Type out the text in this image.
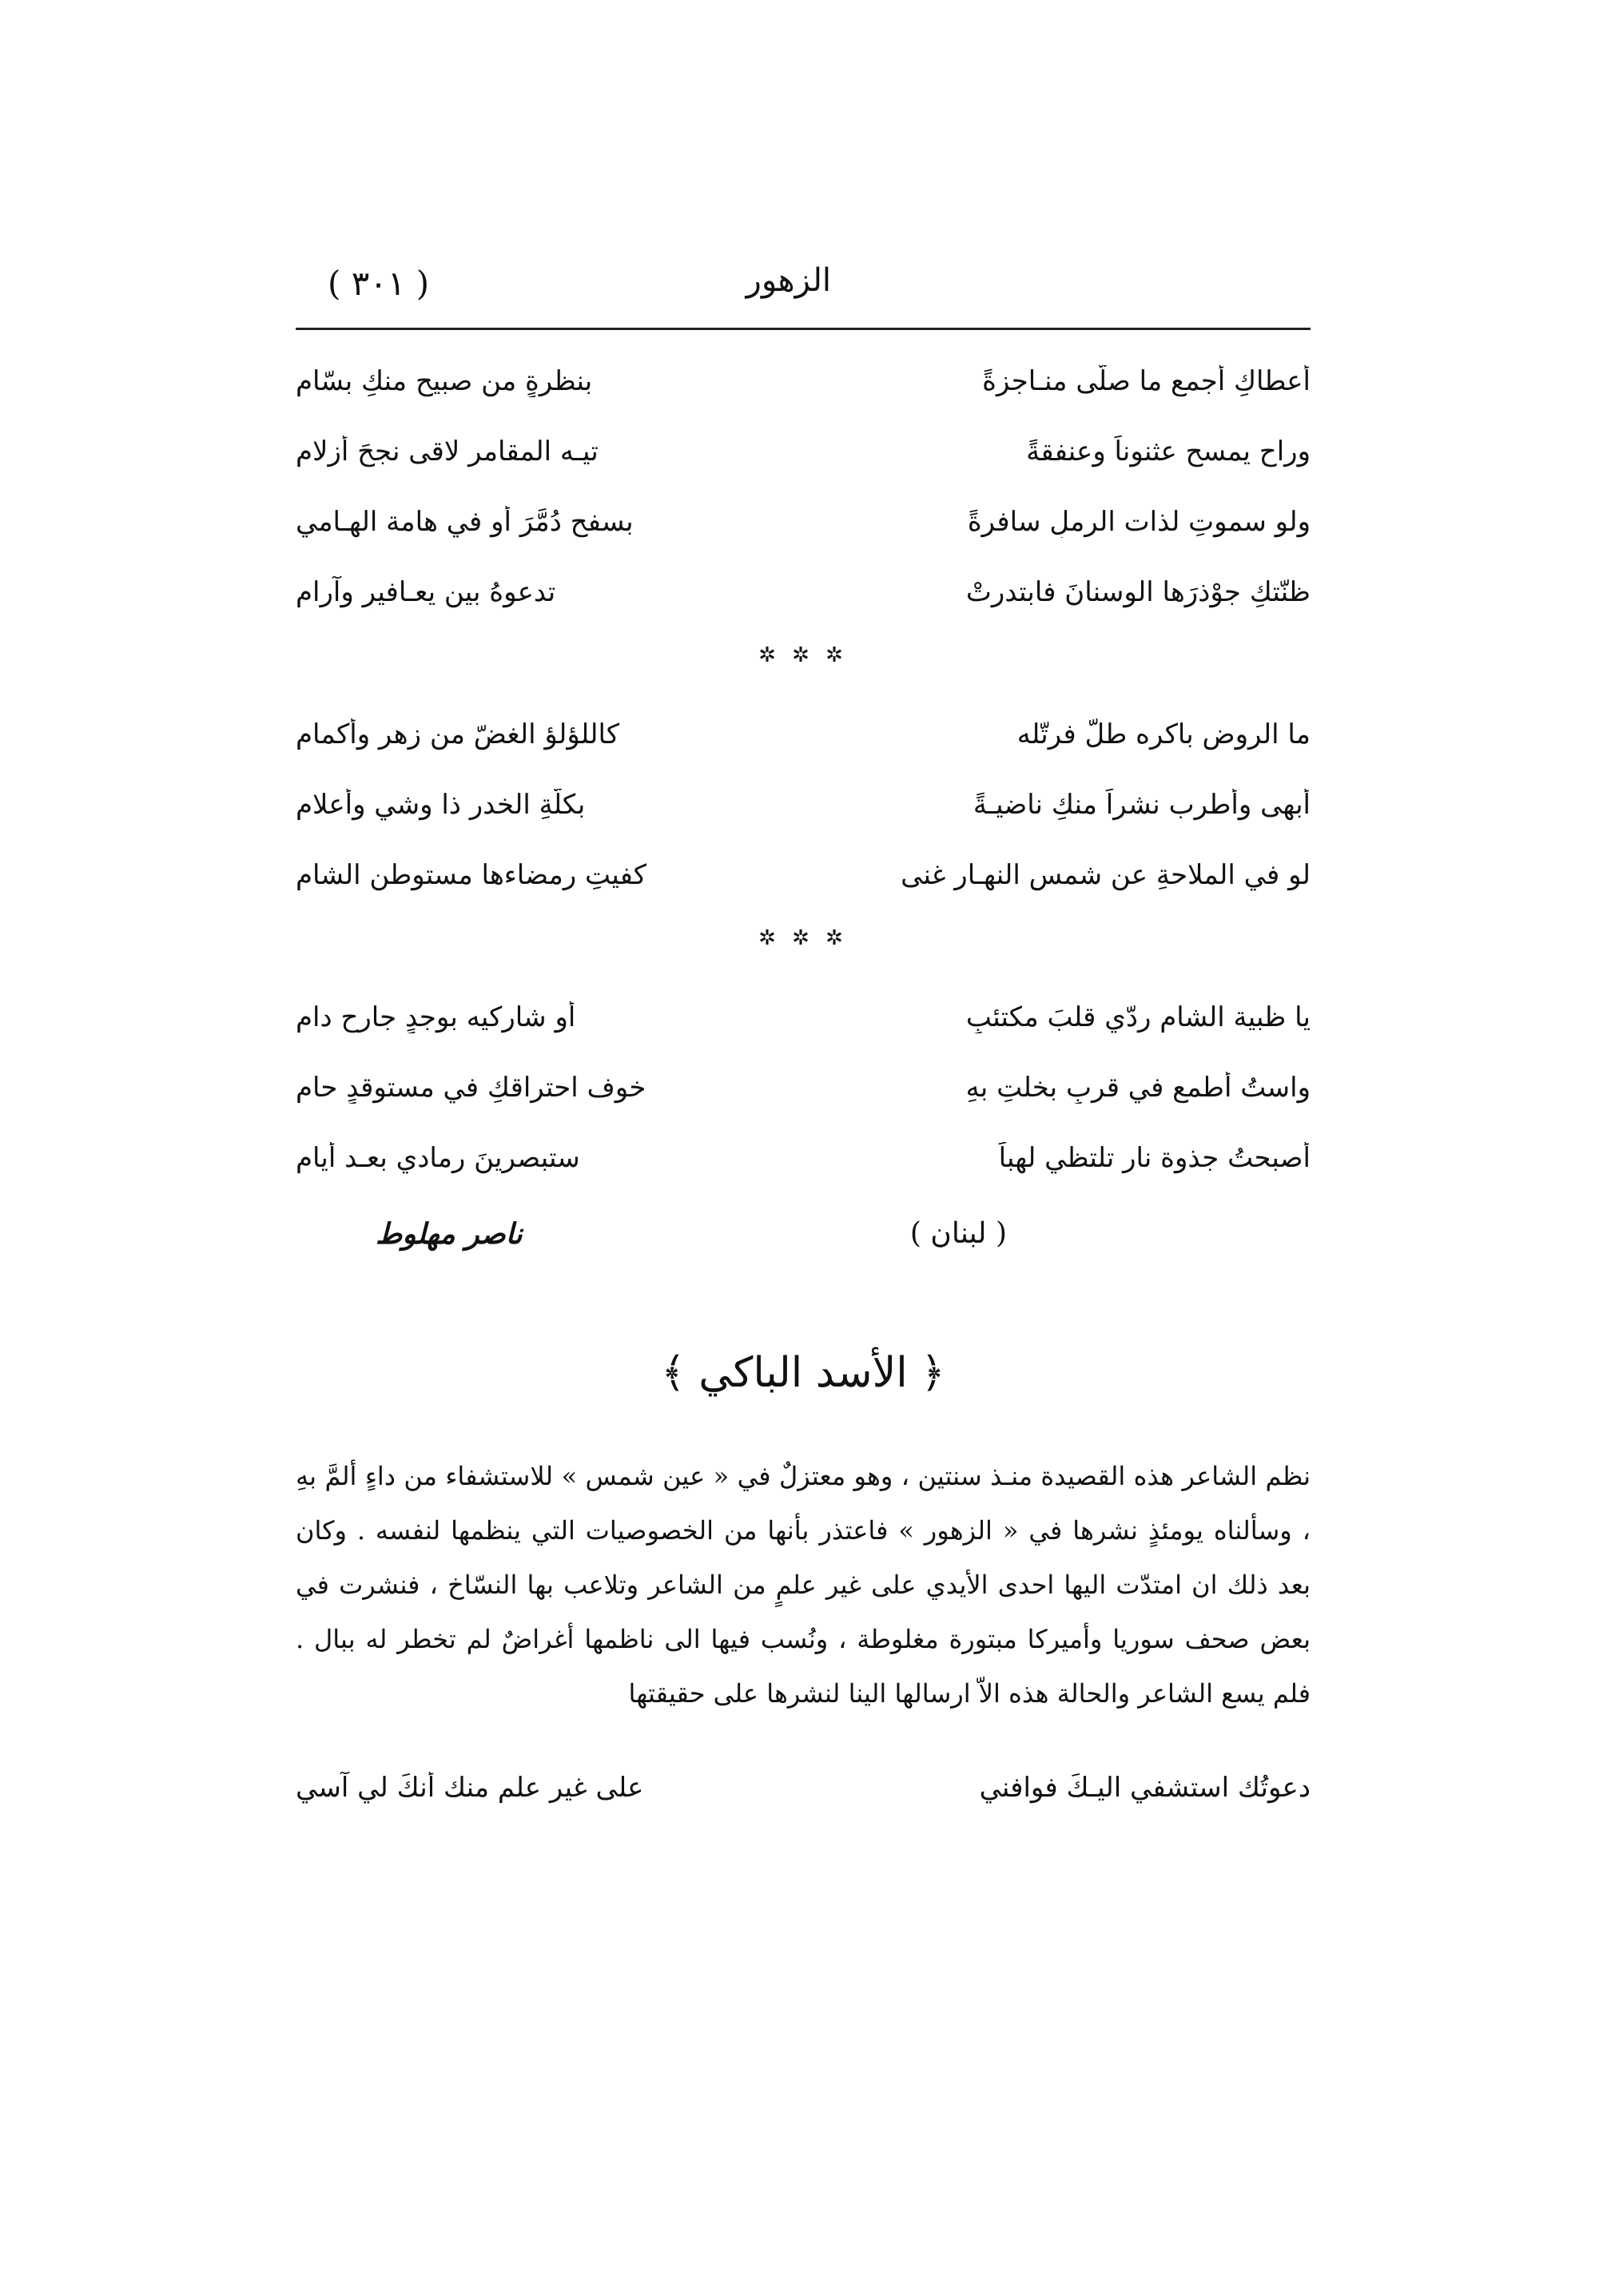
الزهور
( ٣٠١ )
أعطاكِ أجمع ما صلّى منـاجزةً
بنظرةٍ من صبيحٍ منكِ بسّامِ
وراح يمسح عثنوناً وعنفقةً
تيـه المقامرِ لاقى نجحَ أزلامِ
ولو سموتِ لذات الرملِ سافرةً
بسفح دُمَّرَ أو في هامة الهـامي
ظنّتكِ جوْذرَها الوسنانَ فابتدرتْ
تدعوهُ بين يعـافيرٍ وآرامِ
✲ ✲ ✲
ما الروض باكره طلٌّ فرتّله
كاللؤلؤ الغضّ من زهرٍ وأكمامِ
أبهى وأطرب نشراً منكِ ناضيـةً
بكلّةِ الخدرِ ذا وشيٍ وأعلامِ
لو في الملاحةِ عن شمس النهـار غنى
كفيتِ رمضاءها مستوطن الشامِ
✲ ✲ ✲
يا ظبية الشام ردّي قلبَ مكتئبٍ
أو شاركيه بوجدٍ جارحٍ دامِ
واستُ أطمع في قربٍ بخلتِ بهِ
خوف احتراقكِ في مستوقدٍ حامِ
أصبحتُ جذوة نارٍ تلتظي لهباً
ستبصرينَ رمادي بعـد أيامِ
( لبنان )
ناصر مهلوط
﴿ الأسد الباكي ﴾

نظم الشاعر هذه القصيدة منـذ سنتين ، وهو معتزلٌ في « عين شمس » للاستشفاء من داءٍ ألمَّ بهِ ، وسألناه يومئذٍ نشرها في « الزهور » فاعتذر بأنها من الخصوصيات التي ينظمها لنفسه . وكان بعد ذلك ان امتدّت اليها احدى الأيدي على غير علمٍ من الشاعر وتلاعب بها النسّاخ ، فنشرت في بعض صحف سوريا وأميركا مبتورة مغلوطة ، ونُسب فيها الى ناظمها أغراضٌ لم تخطر له ببال . فلم يسع الشاعر والحالة هذه الاّ ارسالها الينا لنشرها على حقيقتها

دعوتُك استشفي اليـكَ فوافني
على غير علمٍ منك أنكَ لي آسي
